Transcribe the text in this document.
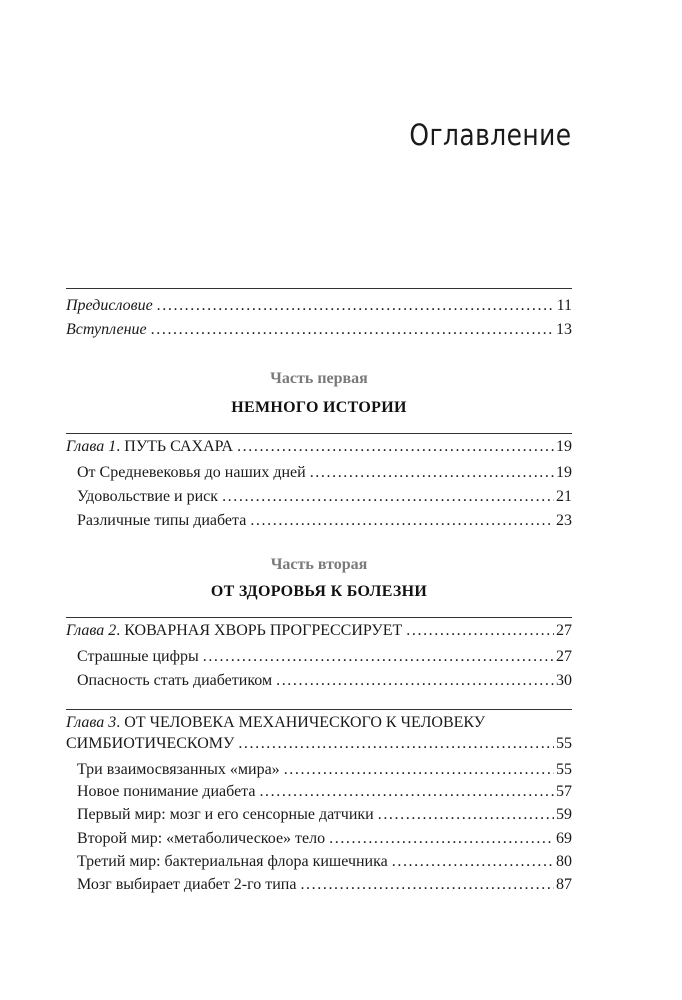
Оглавление
Предисловие .....	11
Вступление .....	13
Часть первая
НЕМНОГО ИСТОРИИ
Глава 1. ПУТЬ САХАРА .....	19
От Средневековья до наших дней .....	19
Удовольствие и риск .....	21
Различные типы диабета .....	23
Часть вторая
ОТ ЗДОРОВЬЯ К БОЛЕЗНИ
Глава 2. КОВАРНАЯ ХВОРЬ ПРОГРЕССИРУЕТ .....	27
Страшные цифры .....	27
Опасность стать диабетиком .....	30
Глава 3. ОТ ЧЕЛОВЕКА МЕХАНИЧЕСКОГО К ЧЕЛОВЕКУ
СИМБИОТИЧЕСКОМУ .....	55
Три взаимосвязанных «мира» .....	55
Новое понимание диабета .....	57
Первый мир: мозг и его сенсорные датчики .....	59
Второй мир: «метаболическое» тело .....	69
Третий мир: бактериальная флора кишечника .....	80
Мозг выбирает диабет 2-го типа .....	87
